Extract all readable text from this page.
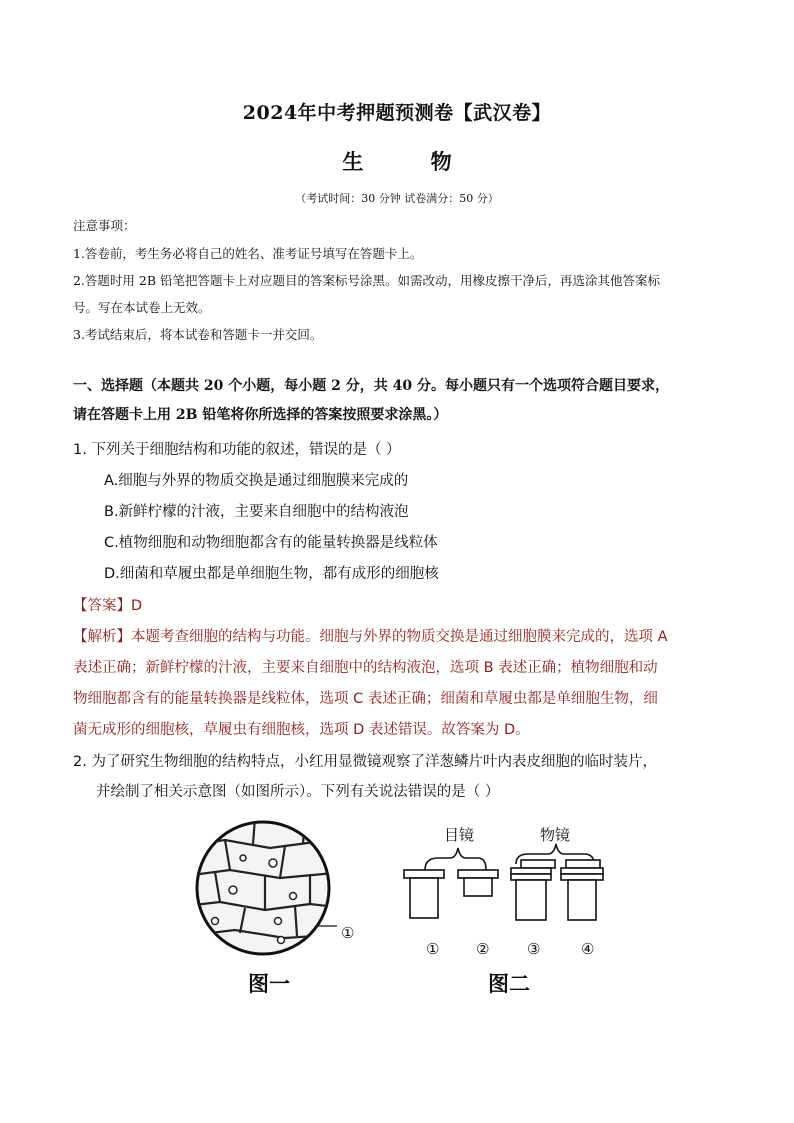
2024年中考押题预测卷【武汉卷】
生 物
（考试时间：30 分钟 试卷满分：50 分）
注意事项：
1.答卷前，考生务必将自己的姓名、准考证号填写在答题卡上。
2.答题时用 2B 铅笔把答题卡上对应题目的答案标号涂黑。如需改动，用橡皮擦干净后，再选涂其他答案标
号。写在本试卷上无效。
3.考试结束后，将本试卷和答题卡一并交回。
一、选择题（本题共 20 个小题，每小题 2 分，共 40 分。每小题只有一个选项符合题目要求，
请在答题卡上用 2B 铅笔将你所选择的答案按照要求涂黑。）
1. 下列关于细胞结构和功能的叙述，错误的是（ ）
A.细胞与外界的物质交换是通过细胞膜来完成的
B.新鲜柠檬的汁液，主要来自细胞中的结构液泡
C.植物细胞和动物细胞都含有的能量转换器是线粒体
D.细菌和草履虫都是单细胞生物，都有成形的细胞核
【答案】D
【解析】本题考查细胞的结构与功能。细胞与外界的物质交换是通过细胞膜来完成的，选项 A
表述正确；新鲜柠檬的汁液，主要来自细胞中的结构液泡，选项 B 表述正确；植物细胞和动
物细胞都含有的能量转换器是线粒体，选项 C 表述正确；细菌和草履虫都是单细胞生物，细
菌无成形的细胞核，草履虫有细胞核，选项 D 表述错误。故答案为 D。
2. 为了研究生物细胞的结构特点，小红用显微镜观察了洋葱鳞片叶内表皮细胞的临时装片，
并绘制了相关示意图（如图所示）。下列有关说法错误的是（ ）
①
图一
目镜	物镜
① ②	③	④
图二
